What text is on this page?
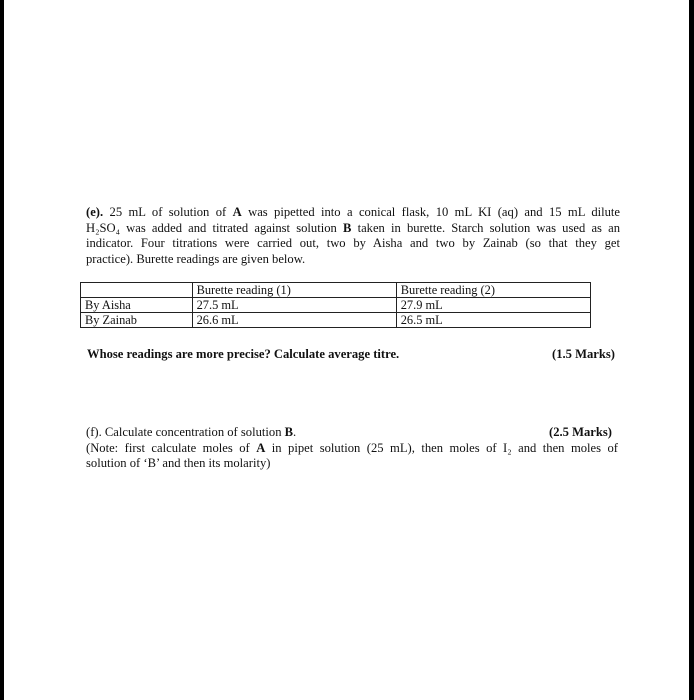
(e). 25 mL of solution of A was pipetted into a conical flask, 10 mL KI (aq) and 15 mL dilute
H₂SO₄ was added and titrated against solution B taken in burette. Starch solution was used as an
indicator. Four titrations were carried out, two by Aisha and two by Zainab (so that they get
practice). Burette readings are given below.

	Burette reading (1)	Burette reading (2)
By Aisha	27.5 mL	27.9 mL
By Zainab	26.6 mL	26.5 mL
Whose readings are more precise? Calculate average titre.	(1.5 Marks)
(f). Calculate concentration of solution B.	(2.5 Marks)
(Note: first calculate moles of A in pipet solution (25 mL), then moles of I₂ and then moles of
solution of ‘B’ and then its molarity)
